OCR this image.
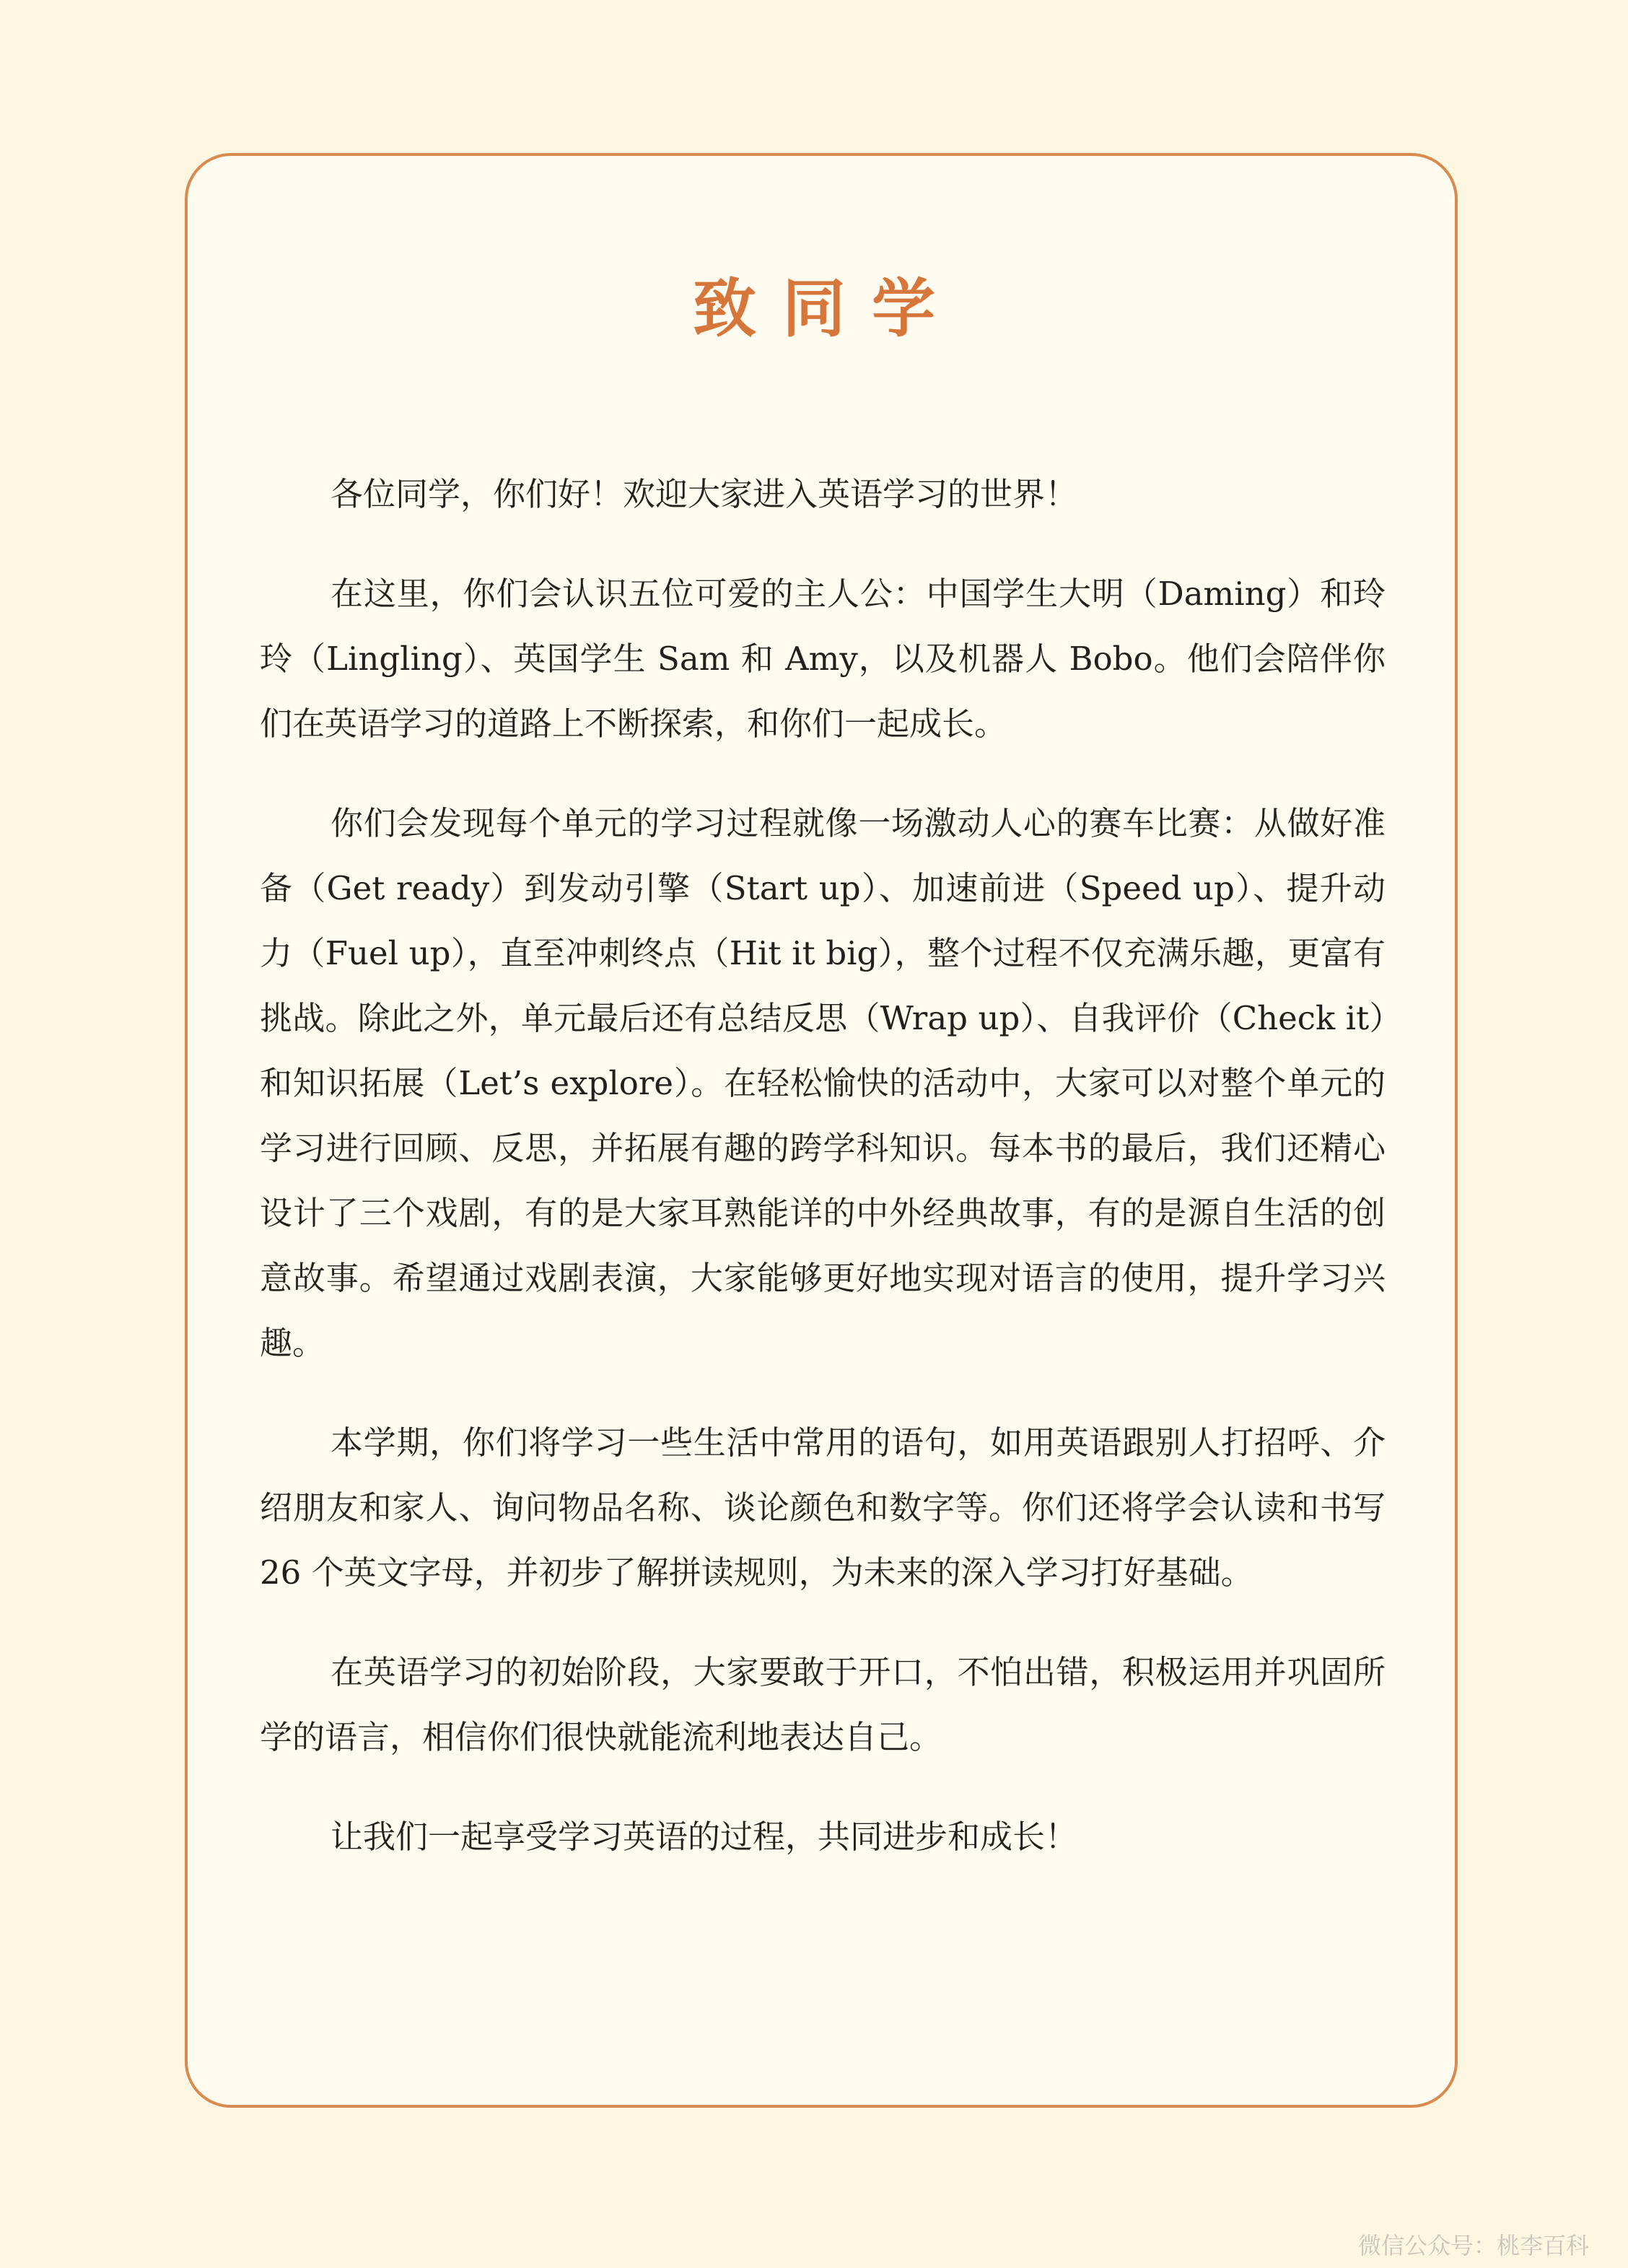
致同学

各位同学，你们好！欢迎大家进入英语学习的世界！

在这里，你们会认识五位可爱的主人公：中国学生大明（Daming）和玲玲（Lingling）、英国学生 Sam 和 Amy，以及机器人 Bobo。他们会陪伴你们在英语学习的道路上不断探索，和你们一起成长。

你们会发现每个单元的学习过程就像一场激动人心的赛车比赛：从做好准备（Get ready）到发动引擎（Start up）、加速前进（Speed up）、提升动力（Fuel up），直至冲刺终点（Hit it big），整个过程不仅充满乐趣，更富有挑战。除此之外，单元最后还有总结反思（Wrap up）、自我评价（Check it）和知识拓展（Let’s explore）。在轻松愉快的活动中，大家可以对整个单元的学习进行回顾、反思，并拓展有趣的跨学科知识。每本书的最后，我们还精心设计了三个戏剧，有的是大家耳熟能详的中外经典故事，有的是源自生活的创意故事。希望通过戏剧表演，大家能够更好地实现对语言的使用，提升学习兴趣。

本学期，你们将学习一些生活中常用的语句，如用英语跟别人打招呼、介绍朋友和家人、询问物品名称、谈论颜色和数字等。你们还将学会认读和书写 26 个英文字母，并初步了解拼读规则，为未来的深入学习打好基础。

在英语学习的初始阶段，大家要敢于开口，不怕出错，积极运用并巩固所学的语言，相信你们很快就能流利地表达自己。

让我们一起享受学习英语的过程，共同进步和成长！

微信公众号：桃李百科
